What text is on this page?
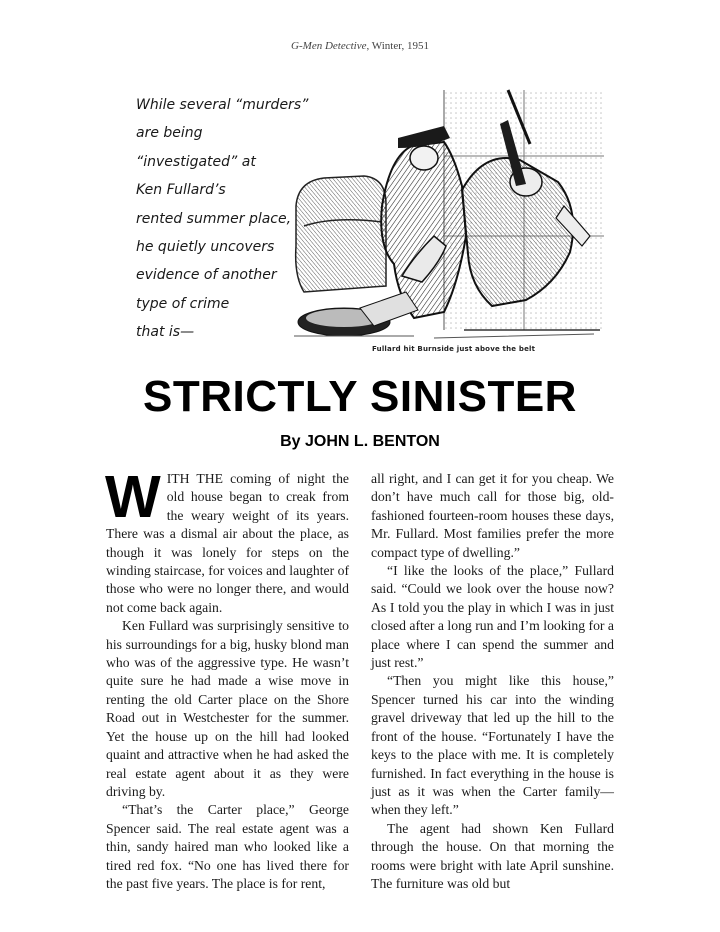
G-Men Detective, Winter, 1951
While several “murders”
are being
“investigated” at
Ken Fullard’s
rented summer place,
he quietly uncovers
evidence of another
type of crime
that is—
Fullard hit Burnside just above the belt
STRICTLY SINISTER
By JOHN L. BENTON

WITH THE coming of night the old house began to creak from the weary weight of its years. There was a dismal air about the place, as though it was lonely for steps on the winding staircase, for voices and laughter of those who were no longer there, and would not come back again.

Ken Fullard was surprisingly sensitive to his surroundings for a big, husky blond man who was of the aggressive type. He wasn’t quite sure he had made a wise move in renting the old Carter place on the Shore Road out in Westchester for the summer. Yet the house up on the hill had looked quaint and attractive when he had asked the real estate agent about it as they were driving by.

“That’s the Carter place,” George Spencer said. The real estate agent was a thin, sandy haired man who looked like a tired red fox. “No one has lived there for the past five years. The place is for rent,

all right, and I can get it for you cheap. We don’t have much call for those big, old-fashioned fourteen-room houses these days, Mr. Fullard. Most families prefer the more compact type of dwelling.”

“I like the looks of the place,” Fullard said. “Could we look over the house now? As I told you the play in which I was in just closed after a long run and I’m looking for a place where I can spend the summer and just rest.”

“Then you might like this house,” Spencer turned his car into the winding gravel driveway that led up the hill to the front of the house. “Fortunately I have the keys to the place with me. It is completely furnished. In fact everything in the house is just as it was when the Carter family—when they left.”

The agent had shown Ken Fullard through the house. On that morning the rooms were bright with late April sunshine. The furniture was old but
